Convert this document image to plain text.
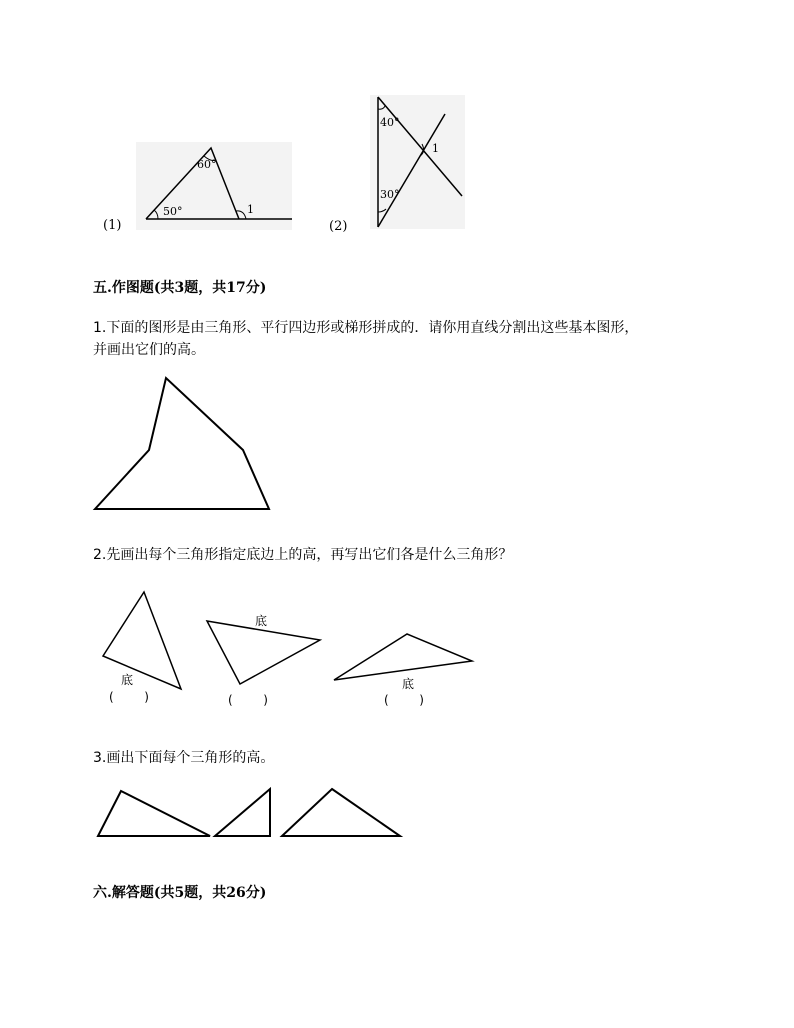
60°
50°	1
(1)
40°
30°
1
(2)
五.作图题(共3题，共17分)
1.下面的图形是由三角形、平行四边形或梯形拼成的．请你用直线分割出这些基本图形，
并画出它们的高。
2.先画出每个三角形指定底边上的高，再写出它们各是什么三角形？
底
(        )
底
(        )
底
(        )
3.画出下面每个三角形的高。
六.解答题(共5题，共26分)
